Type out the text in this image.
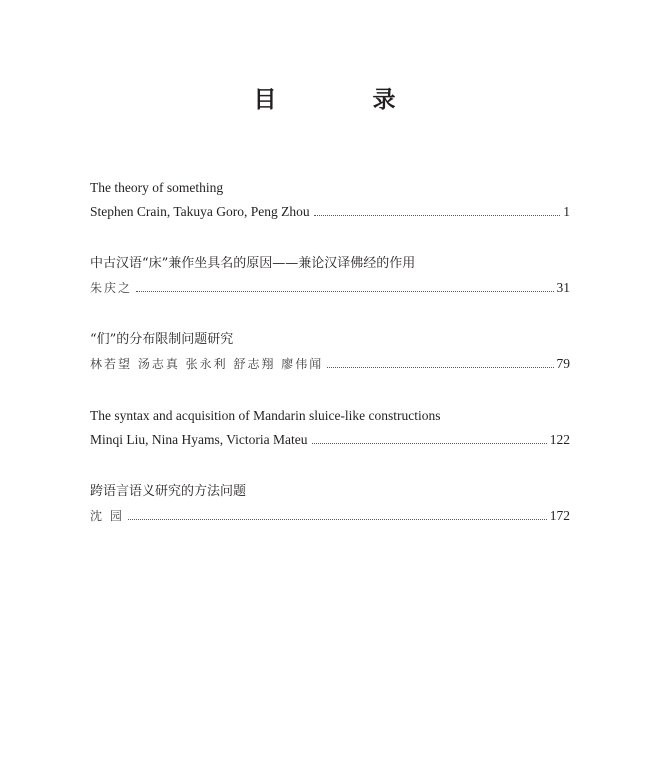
目 录
The theory of something
Stephen Crain, Takuya Goro, Peng Zhou	1
中古汉语“床”兼作坐具名的原因——兼论汉译佛经的作用
朱庆之	31
“们”的分布限制问题研究
林若望 汤志真 张永利 舒志翔 廖伟闻	79
The syntax and acquisition of Mandarin sluice-like constructions
Minqi Liu, Nina Hyams, Victoria Mateu	122
跨语言语义研究的方法问题
沈 园	172
